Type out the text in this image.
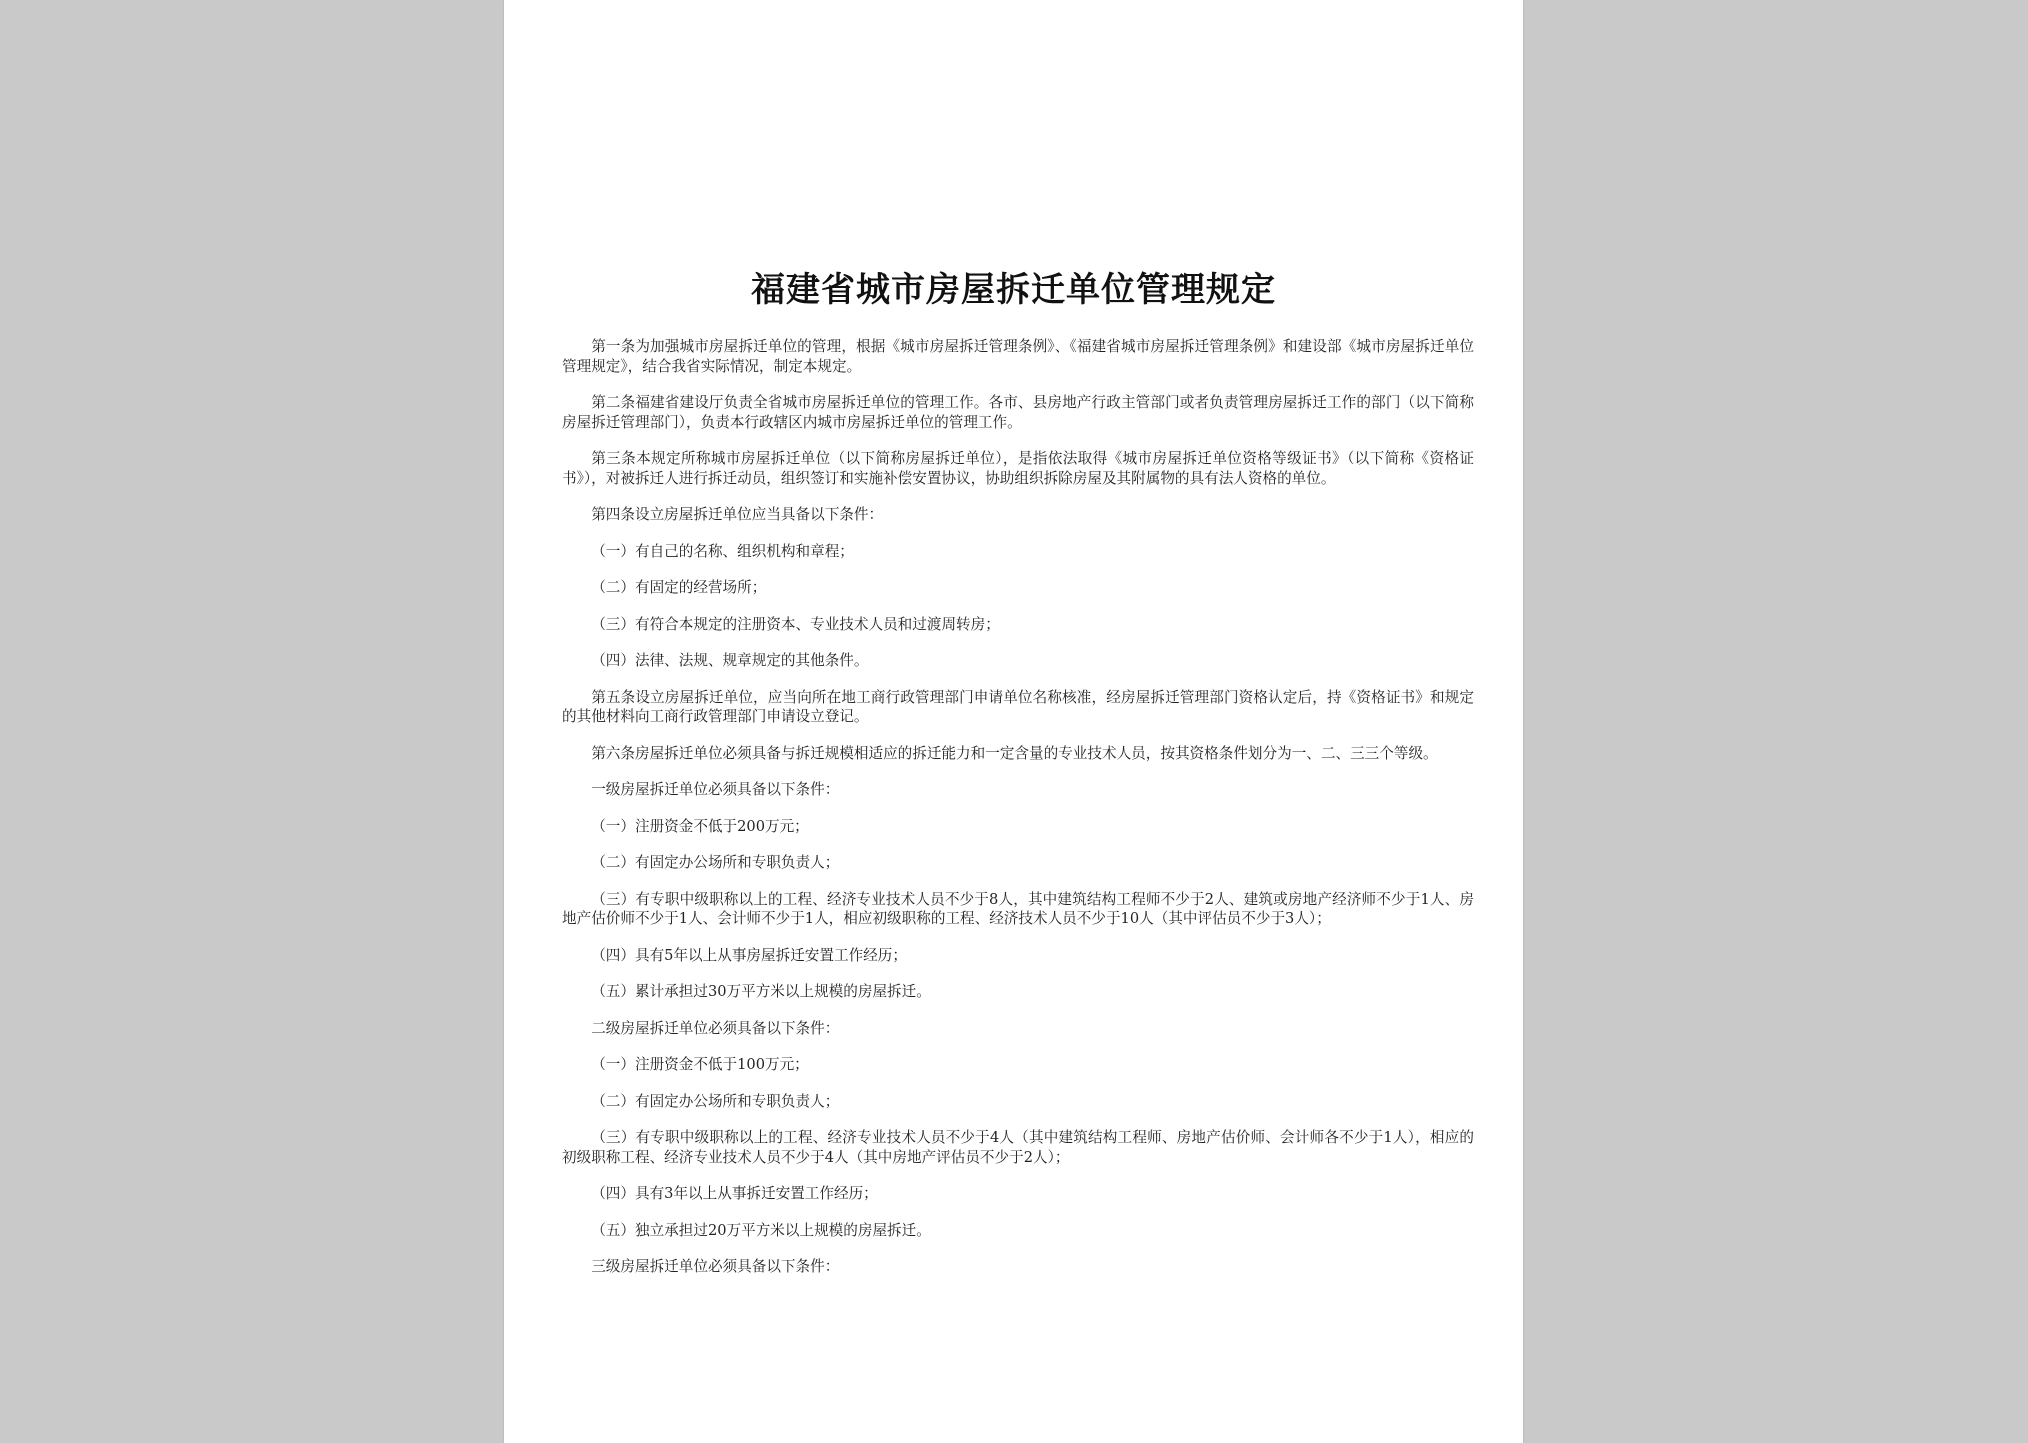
福建省城市房屋拆迁单位管理规定

第一条为加强城市房屋拆迁单位的管理，根据《城市房屋拆迁管理条例》、《福建省城市房屋拆迁管理条例》和建设部《城市房屋拆迁单位管理规定》，结合我省实际情况，制定本规定。

第二条福建省建设厅负责全省城市房屋拆迁单位的管理工作。各市、县房地产行政主管部门或者负责管理房屋拆迁工作的部门（以下简称房屋拆迁管理部门），负责本行政辖区内城市房屋拆迁单位的管理工作。

第三条本规定所称城市房屋拆迁单位（以下简称房屋拆迁单位），是指依法取得《城市房屋拆迁单位资格等级证书》（以下简称《资格证书》），对被拆迁人进行拆迁动员，组织签订和实施补偿安置协议，协助组织拆除房屋及其附属物的具有法人资格的单位。

第四条设立房屋拆迁单位应当具备以下条件：

（一）有自己的名称、组织机构和章程；

（二）有固定的经营场所；

（三）有符合本规定的注册资本、专业技术人员和过渡周转房；

（四）法律、法规、规章规定的其他条件。

第五条设立房屋拆迁单位，应当向所在地工商行政管理部门申请单位名称核准，经房屋拆迁管理部门资格认定后，持《资格证书》和规定的其他材料向工商行政管理部门申请设立登记。

第六条房屋拆迁单位必须具备与拆迁规模相适应的拆迁能力和一定含量的专业技术人员，按其资格条件划分为一、二、三三个等级。

一级房屋拆迁单位必须具备以下条件：

（一）注册资金不低于200万元；

（二）有固定办公场所和专职负责人；

（三）有专职中级职称以上的工程、经济专业技术人员不少于8人，其中建筑结构工程师不少于2人、建筑或房地产经济师不少于1人、房地产估价师不少于1人、会计师不少于1人，相应初级职称的工程、经济技术人员不少于10人（其中评估员不少于3人）；

（四）具有5年以上从事房屋拆迁安置工作经历；

（五）累计承担过30万平方米以上规模的房屋拆迁。

二级房屋拆迁单位必须具备以下条件：

（一）注册资金不低于100万元；

（二）有固定办公场所和专职负责人；

（三）有专职中级职称以上的工程、经济专业技术人员不少于4人（其中建筑结构工程师、房地产估价师、会计师各不少于1人），相应的初级职称工程、经济专业技术人员不少于4人（其中房地产评估员不少于2人）；

（四）具有3年以上从事拆迁安置工作经历；

（五）独立承担过20万平方米以上规模的房屋拆迁。

三级房屋拆迁单位必须具备以下条件：
